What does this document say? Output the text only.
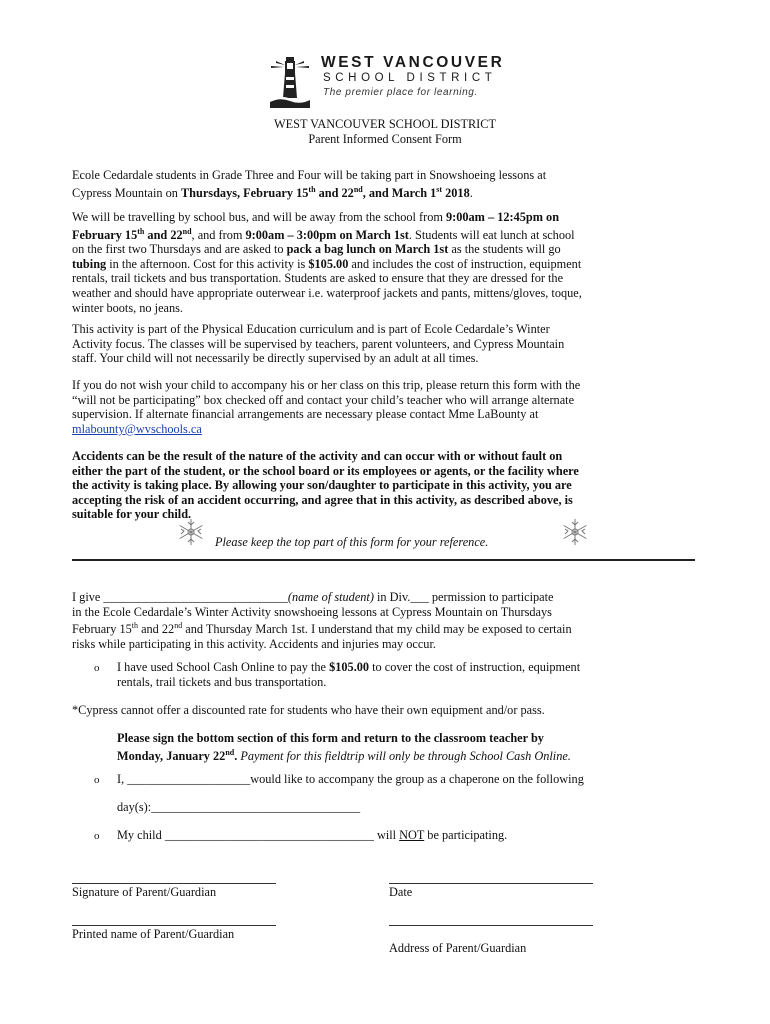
WEST VANCOUVER
SCHOOL DISTRICT
The premier place for learning.
WEST VANCOUVER SCHOOL DISTRICT
Parent Informed Consent Form
Ecole Cedardale students in Grade Three and Four will be taking part in Snowshoeing lessons at
Cypress Mountain on Thursdays, February 15th and 22nd, and March 1st 2018.
We will be travelling by school bus, and will be away from the school from 9:00am – 12:45pm on
February 15th and 22nd, and from 9:00am – 3:00pm on March 1st. Students will eat lunch at school
on the first two Thursdays and are asked to pack a bag lunch on March 1st as the students will go
tubing in the afternoon. Cost for this activity is $105.00 and includes the cost of instruction, equipment
rentals, trail tickets and bus transportation. Students are asked to ensure that they are dressed for the
weather and should have appropriate outerwear i.e. waterproof jackets and pants, mittens/gloves, toque,
winter boots, no jeans.
This activity is part of the Physical Education curriculum and is part of Ecole Cedardale’s Winter
Activity focus. The classes will be supervised by teachers, parent volunteers, and Cypress Mountain
staff. Your child will not necessarily be directly supervised by an adult at all times.
If you do not wish your child to accompany his or her class on this trip, please return this form with the
“will not be participating” box checked off and contact your child’s teacher who will arrange alternate
supervision. If alternate financial arrangements are necessary please contact Mme LaBounty at
mlabounty@wvschools.ca
Accidents can be the result of the nature of the activity and can occur with or without fault on
either the part of the student, or the school board or its employees or agents, or the facility where
the activity is taking place. By allowing your son/daughter to participate in this activity, you are
accepting the risk of an accident occurring, and agree that in this activity, as described above, is
suitable for your child.
Please keep the top part of this form for your reference.
I give ______________________________(name of student) in Div.___ permission to participate
in the Ecole Cedardale’s Winter Activity snowshoeing lessons at Cypress Mountain on Thursdays
February 15th and 22nd and Thursday March 1st. I understand that my child may be exposed to certain
risks while participating in this activity. Accidents and injuries may occur.
o I have used School Cash Online to pay the $105.00 to cover the cost of instruction, equipment
rentals, trail tickets and bus transportation.
*Cypress cannot offer a discounted rate for students who have their own equipment and/or pass.
Please sign the bottom section of this form and return to the classroom teacher by
Monday, January 22nd. Payment for this fieldtrip will only be through School Cash Online.
o I, ____________________would like to accompany the group as a chaperone on the following
day(s):__________________________________
o My child __________________________________ will NOT be participating.
Signature of Parent/Guardian	Date
Printed name of Parent/Guardian
Address of Parent/Guardian
